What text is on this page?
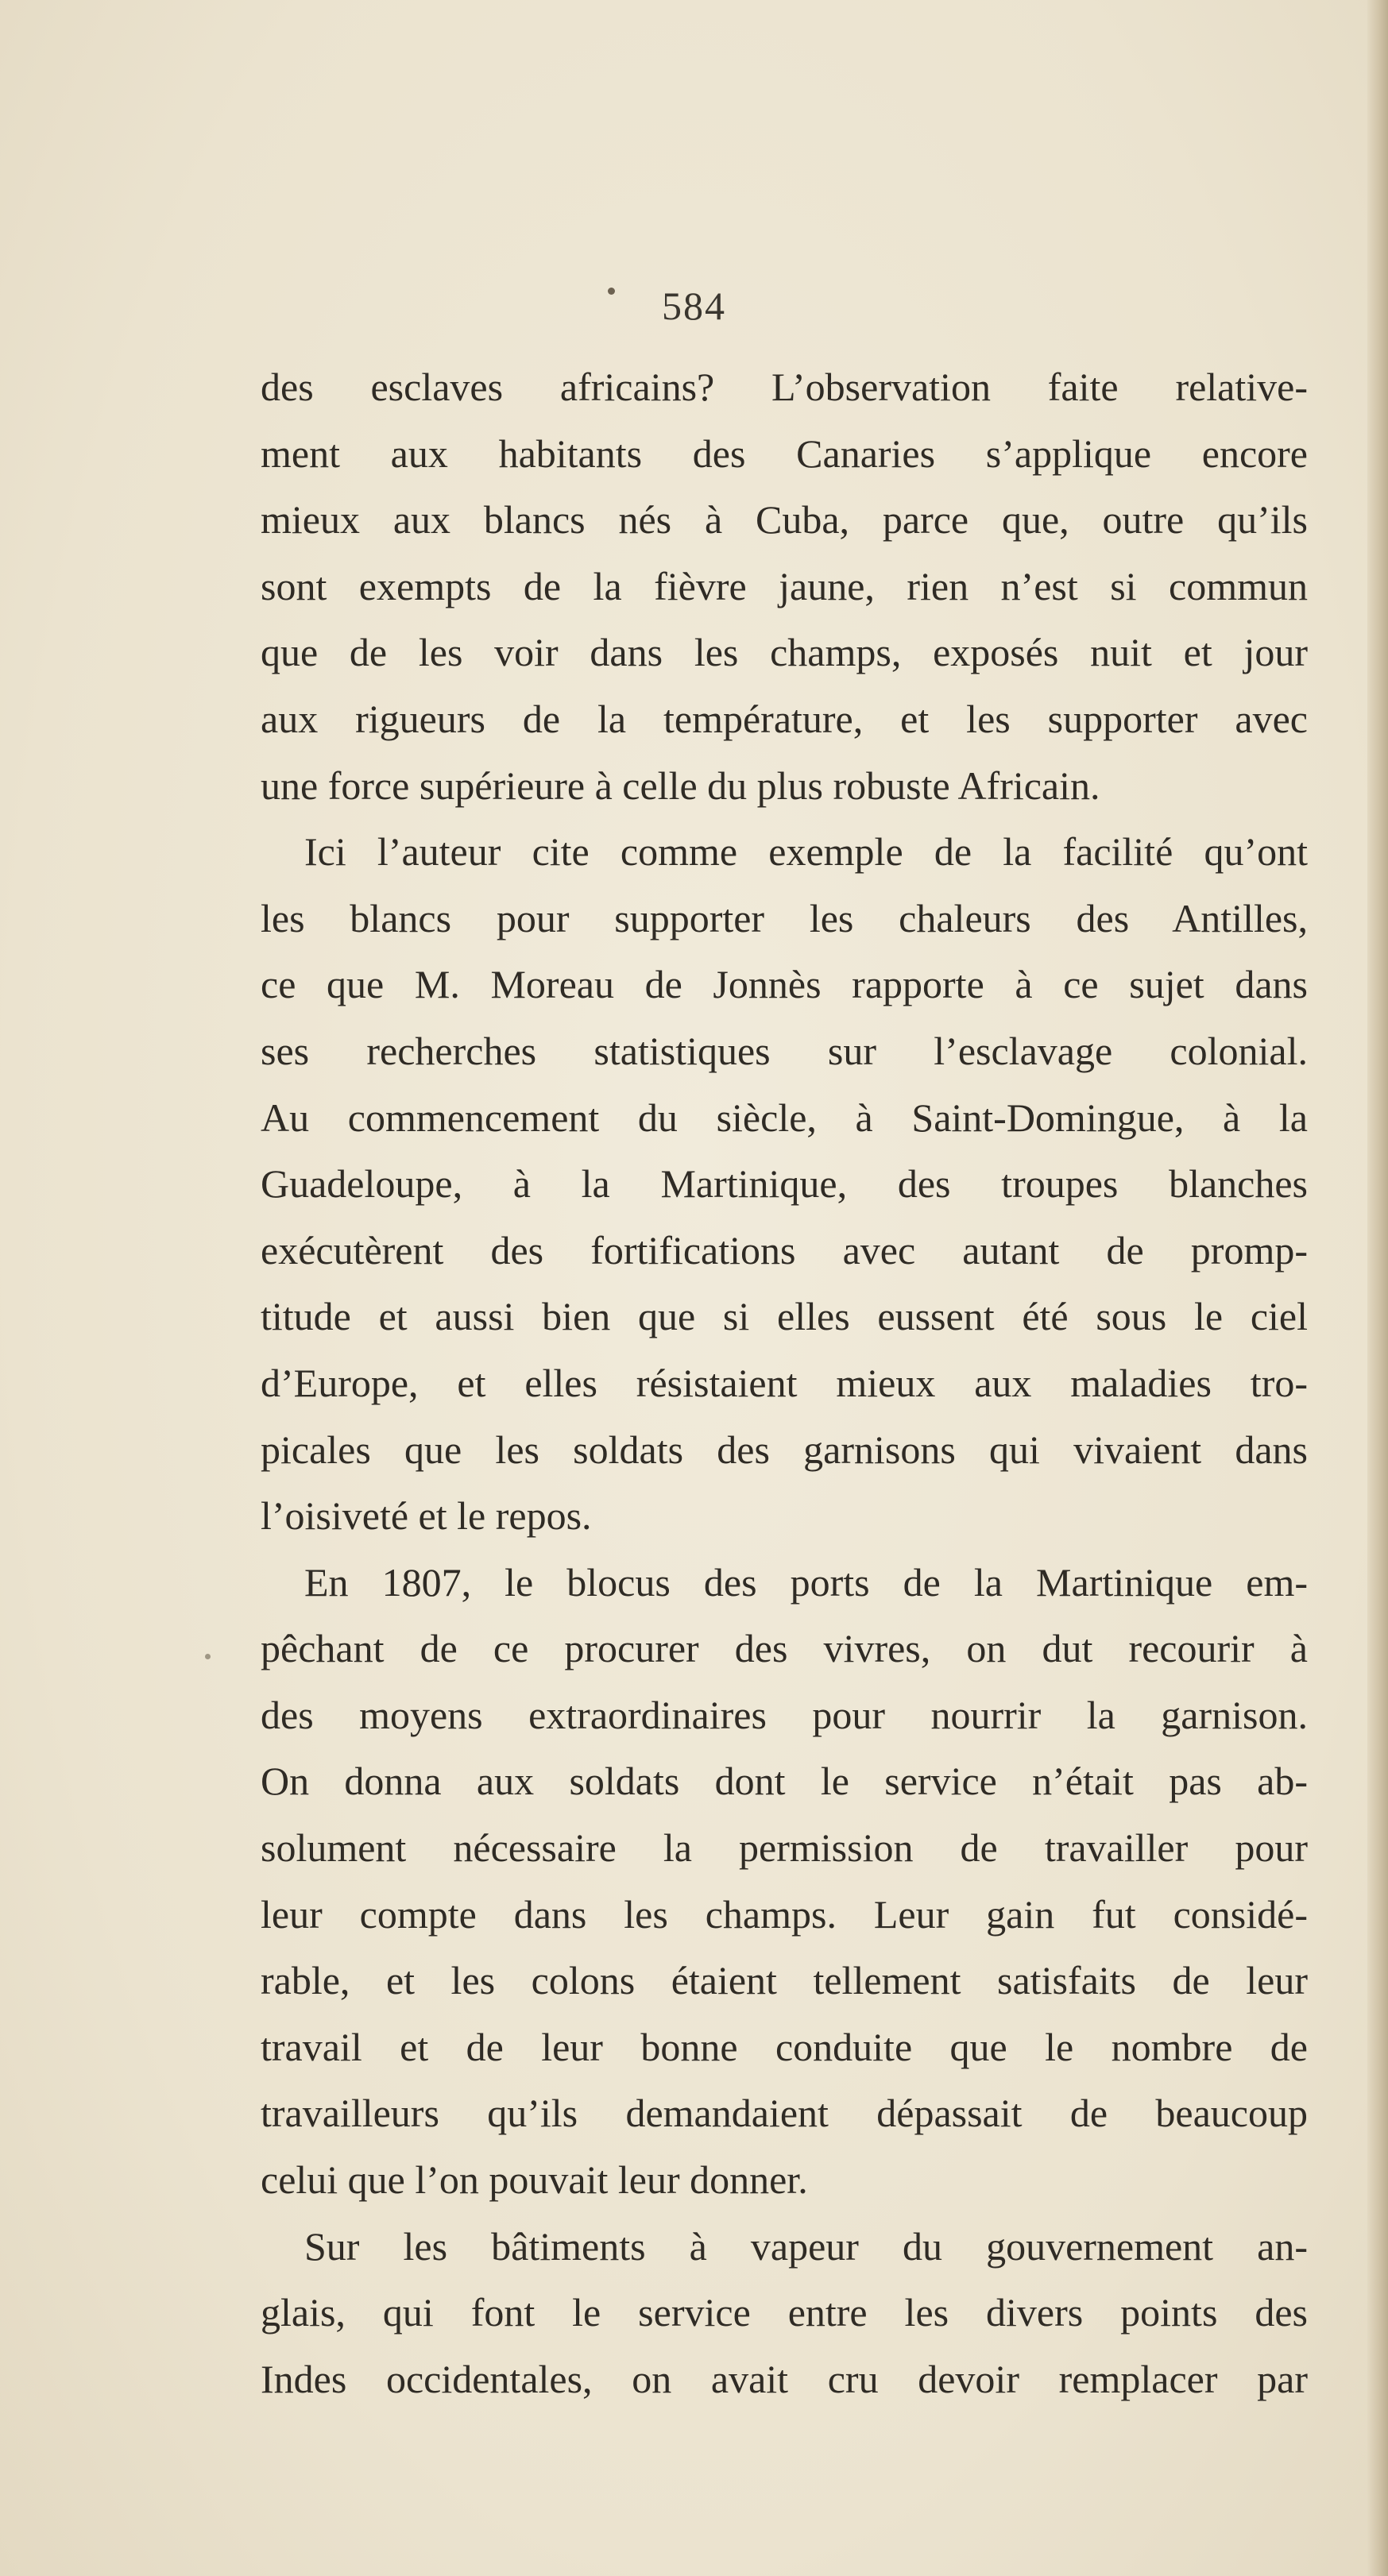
584

des esclaves africains? L’observation faite relative-
ment aux habitants des Canaries s’applique encore
mieux aux blancs nés à Cuba, parce que, outre qu’ils
sont exempts de la fièvre jaune, rien n’est si commun
que de les voir dans les champs, exposés nuit et jour
aux rigueurs de la température, et les supporter avec
une force supérieure à celle du plus robuste Africain.
Ici l’auteur cite comme exemple de la facilité qu’ont
les blancs pour supporter les chaleurs des Antilles,
ce que M. Moreau de Jonnès rapporte à ce sujet dans
ses recherches statistiques sur l’esclavage colonial.
Au commencement du siècle, à Saint-Domingue, à la
Guadeloupe, à la Martinique, des troupes blanches
exécutèrent des fortifications avec autant de promp-
titude et aussi bien que si elles eussent été sous le ciel
d’Europe, et elles résistaient mieux aux maladies tro-
picales que les soldats des garnisons qui vivaient dans
l’oisiveté et le repos.
En 1807, le blocus des ports de la Martinique em-
pêchant de ce procurer des vivres, on dut recourir à
des moyens extraordinaires pour nourrir la garnison.
On donna aux soldats dont le service n’était pas ab-
solument nécessaire la permission de travailler pour
leur compte dans les champs. Leur gain fut considé-
rable, et les colons étaient tellement satisfaits de leur
travail et de leur bonne conduite que le nombre de
travailleurs qu’ils demandaient dépassait de beaucoup
celui que l’on pouvait leur donner.
Sur les bâtiments à vapeur du gouvernement an-
glais, qui font le service entre les divers points des
Indes occidentales, on avait cru devoir remplacer par
